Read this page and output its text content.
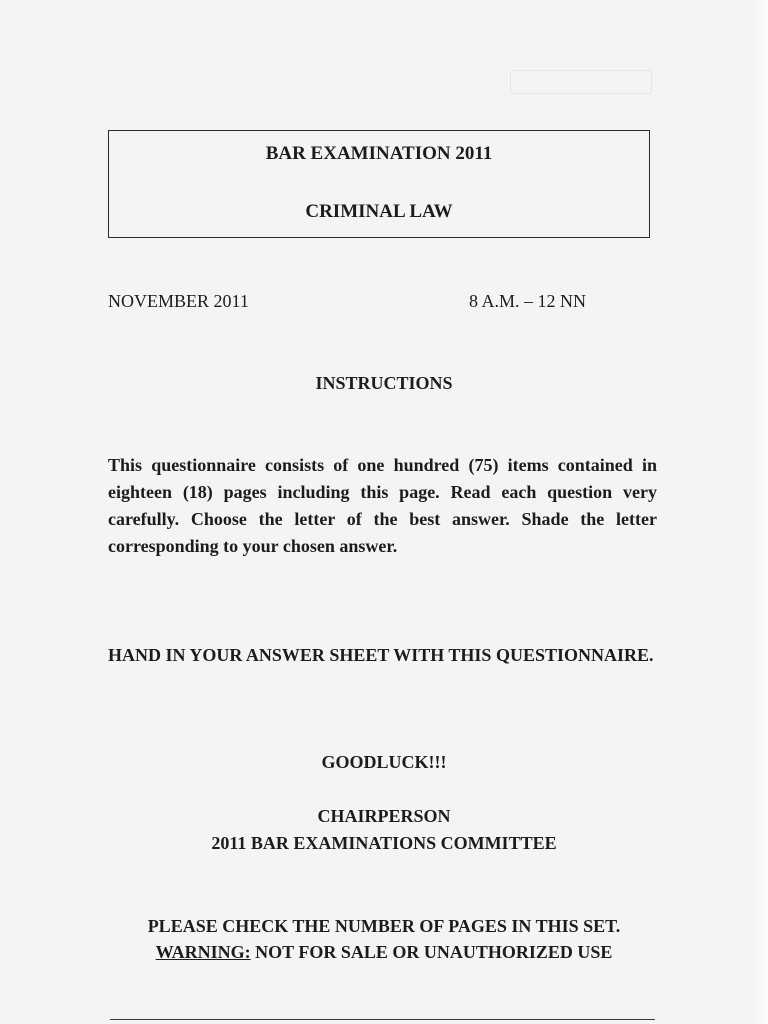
BAR EXAMINATION 2011
CRIMINAL LAW
NOVEMBER 2011	8 A.M. – 12 NN
INSTRUCTIONS
This questionnaire consists of one hundred (75) items contained in eighteen (18) pages including this page. Read each question very carefully. Choose the letter of the best answer. Shade the letter corresponding to your chosen answer.
HAND IN YOUR ANSWER SHEET WITH THIS QUESTIONNAIRE.
GOODLUCK!!!
CHAIRPERSON
2011 BAR EXAMINATIONS COMMITTEE
PLEASE CHECK THE NUMBER OF PAGES IN THIS SET.
WARNING: NOT FOR SALE OR UNAUTHORIZED USE
